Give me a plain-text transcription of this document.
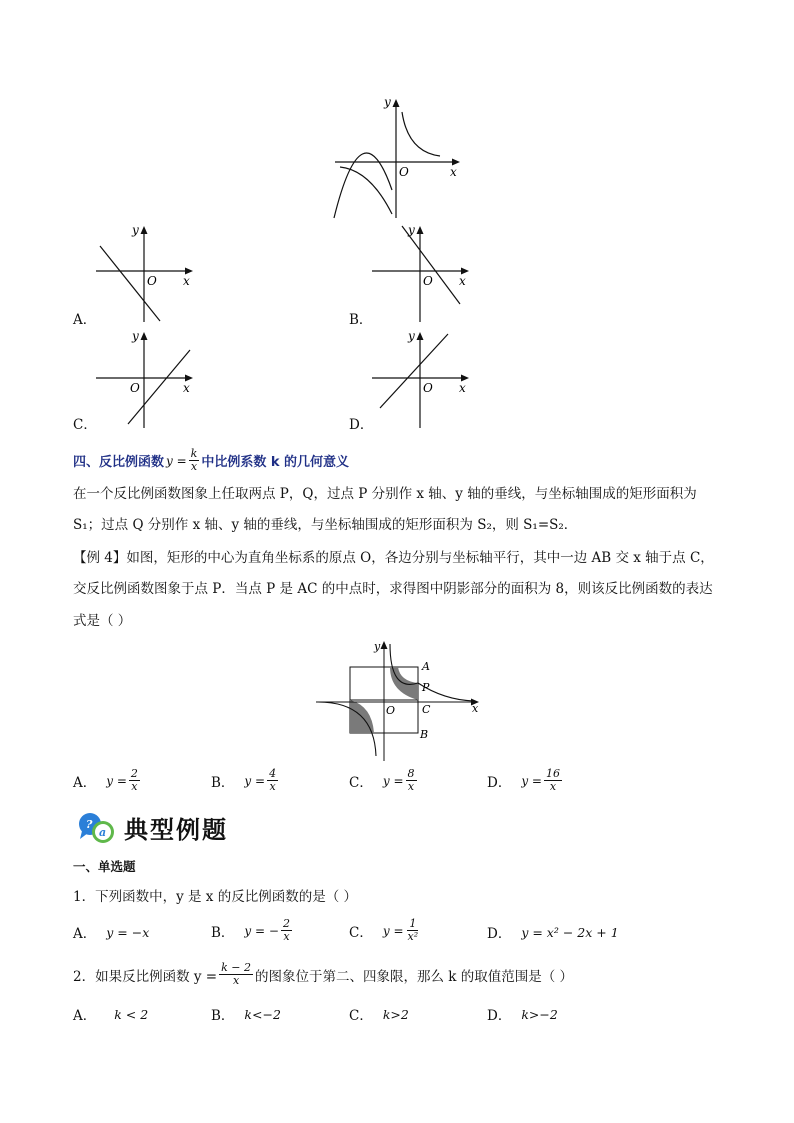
y
x
O
y
x
O
y
x
O
A．	B．
y
x
O
y
x
O
C．	D．
四、反比例函数 $y = \frac{k}{x}$ 中比例系数 k 的几何意义
在一个反比例函数图象上任取两点 P，Q，过点 P 分别作 x 轴、y 轴的垂线，与坐标轴围成的矩形面积为
S₁；过点 Q 分别作 x 轴、y 轴的垂线，与坐标轴围成的矩形面积为 S₂，则 S₁=S₂．
【例 4】如图，矩形的中心为直角坐标系的原点 O，各边分别与坐标轴平行，其中一边 AB 交 x 轴于点 C，
交反比例函数图象于点 P．当点 P 是 AC 的中点时，求得图中阴影部分的面积为 8，则该反比例函数的表达
式是（ ）
y
x
O
A
P
C
B
A． $y = \frac{2}{x}$	B． $y = \frac{4}{x}$	C． $y = \frac{8}{x}$	D． $y = \frac{16}{x}$
?
a 典型例题
一、单选题
1．下列函数中，y 是 x 的反比例函数的是（ ）
A． y = −x	B． y = − $\frac{2}{x}$	C． $y = \frac{1}{\text{x²}}$	D． y = x² − 2x + 1
2．如果反比例函数 $y = \frac{k - 2}{x}$ 的图象位于第二、四象限，那么 k 的取值范围是（ ）
A． k < 2	B． k<−2	C． k>2	D． k>−2
